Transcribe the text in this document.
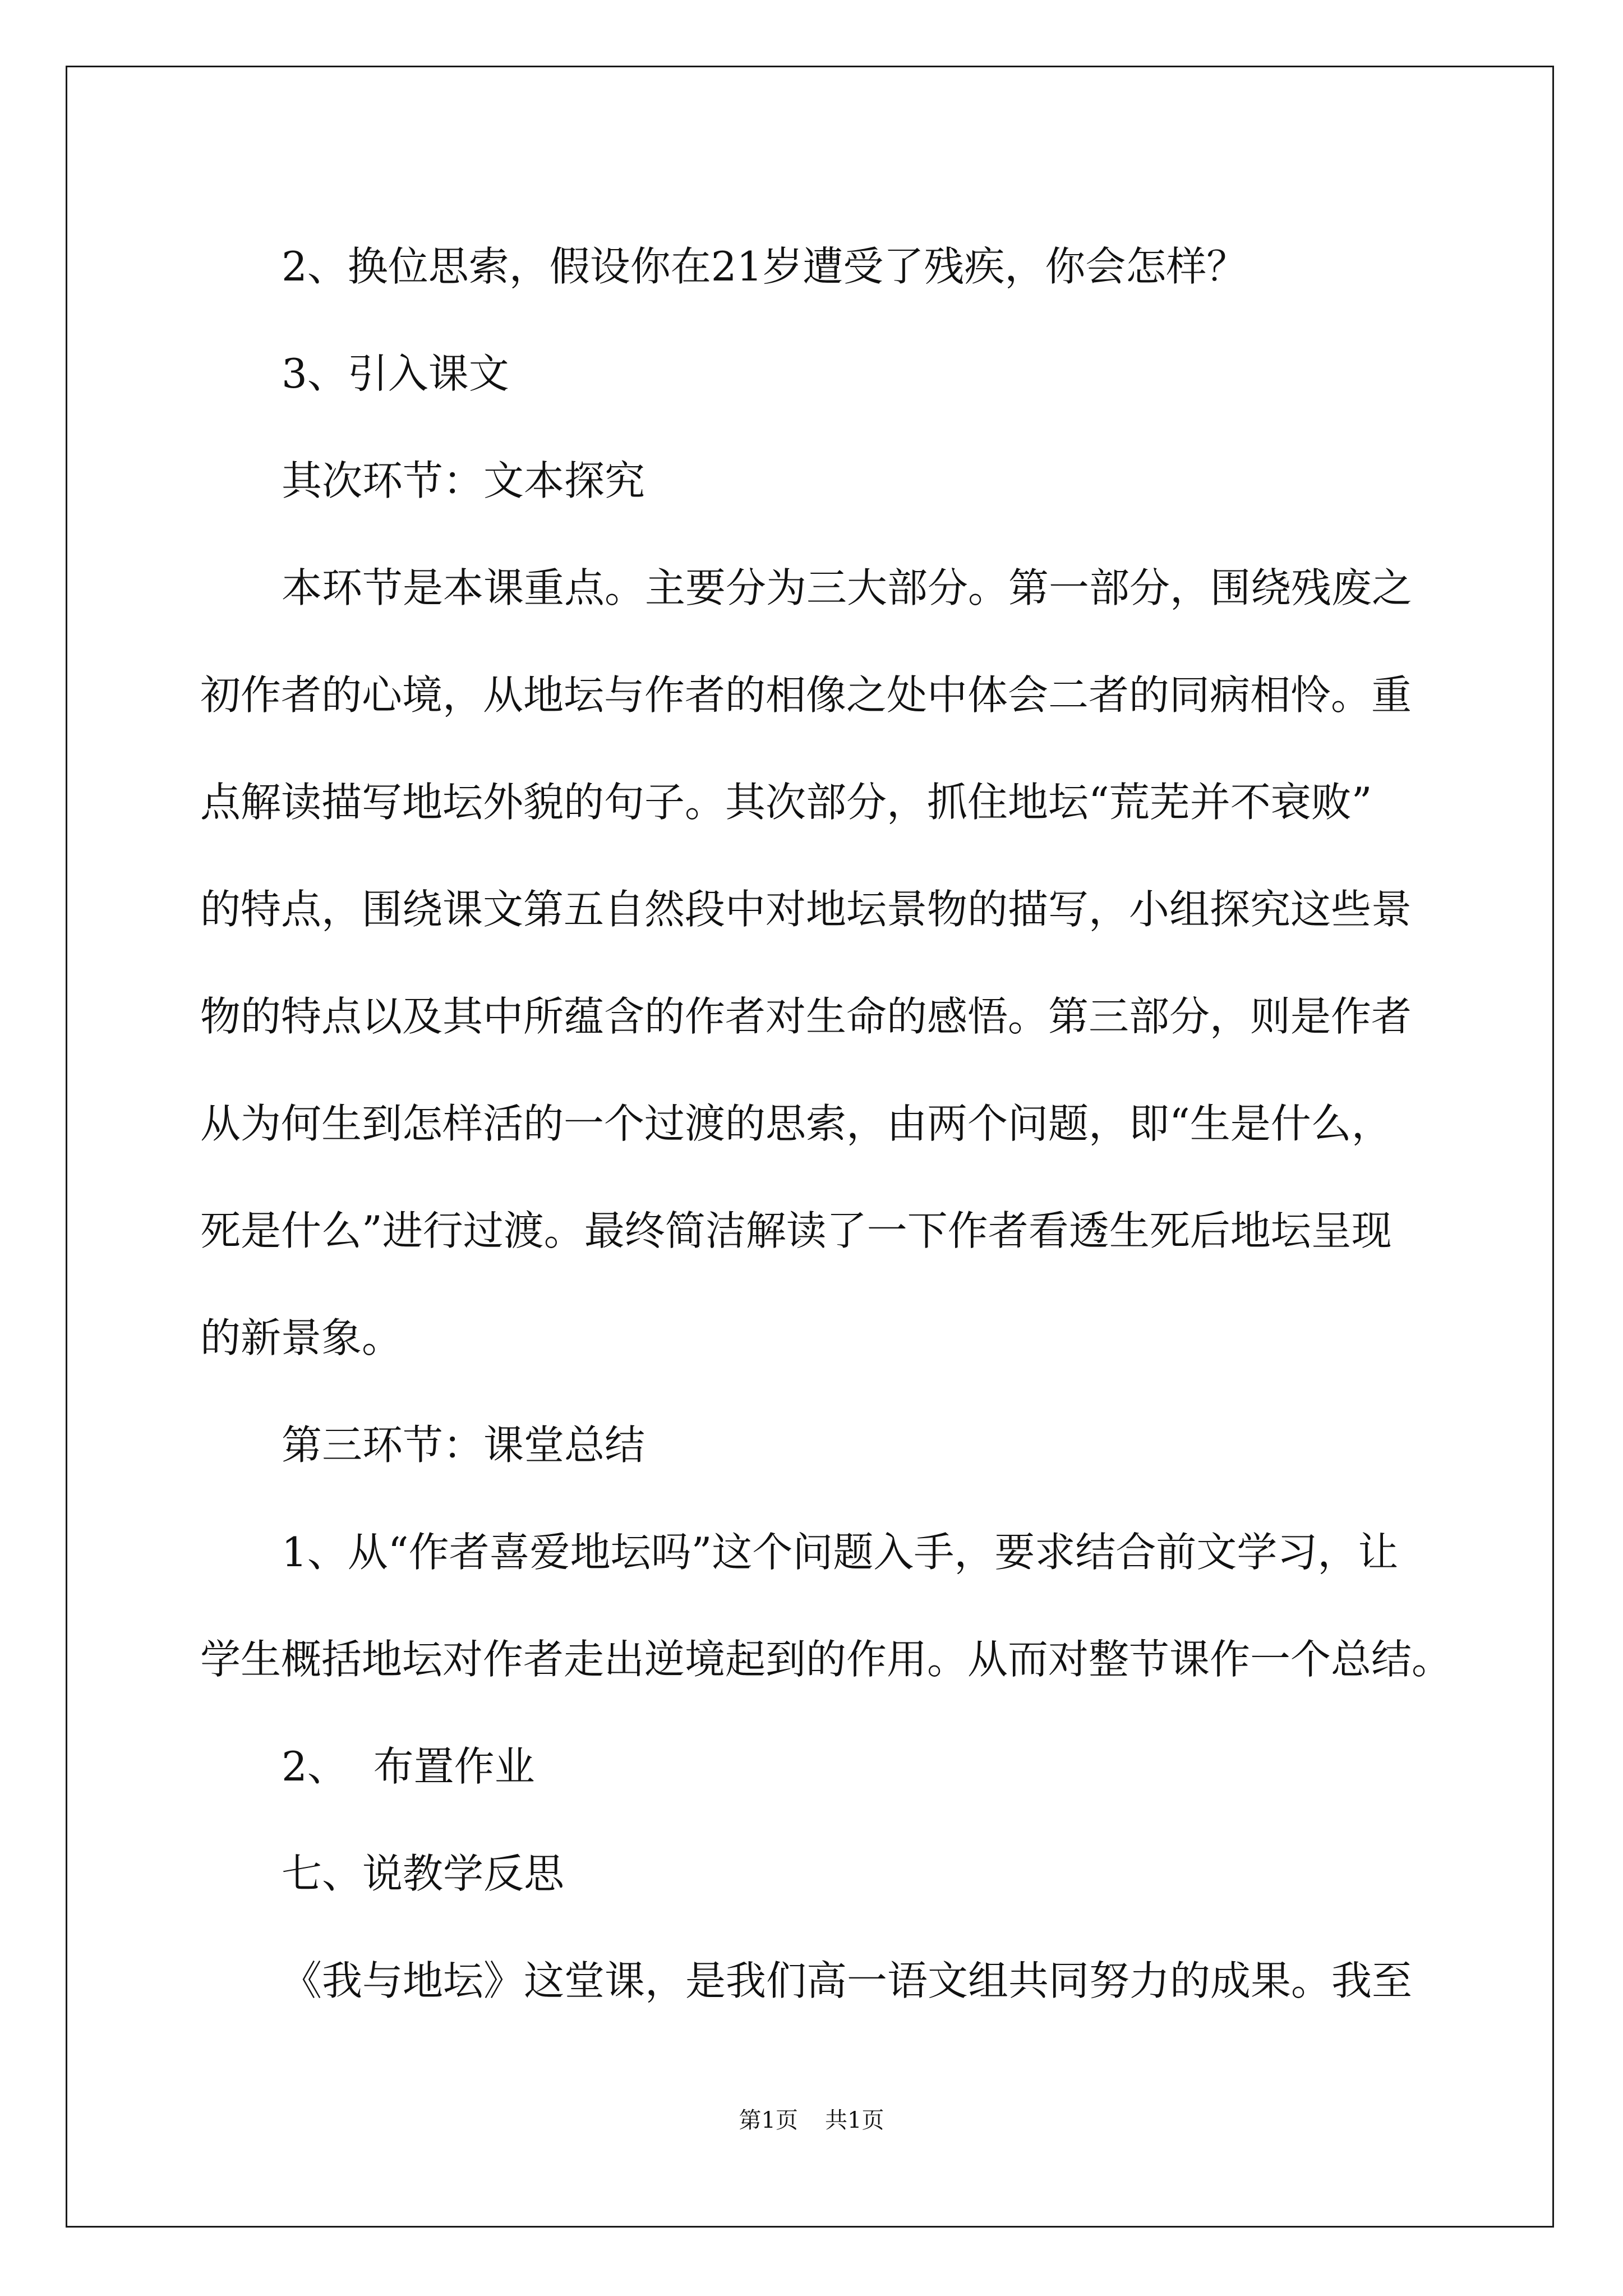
2、换位思索，假设你在21岁遭受了残疾，你会怎样？

3、引入课文

其次环节：文本探究

本环节是本课重点。主要分为三大部分。第一部分，围绕残废之

初作者的心境，从地坛与作者的相像之处中体会二者的同病相怜。重

点解读描写地坛外貌的句子。其次部分，抓住地坛“荒芜并不衰败”

的特点，围绕课文第五自然段中对地坛景物的描写，小组探究这些景

物的特点以及其中所蕴含的作者对生命的感悟。第三部分，则是作者

从为何生到怎样活的一个过渡的思索，由两个问题，即“生是什么，

死是什么”进行过渡。最终简洁解读了一下作者看透生死后地坛呈现

的新景象。

第三环节：课堂总结

1、从“作者喜爱地坛吗”这个问题入手，要求结合前文学习，让

学生概括地坛对作者走出逆境起到的作用。从而对整节课作一个总结。

2、  布置作业

七、说教学反思

《我与地坛》这堂课，是我们高一语文组共同努力的成果。我至

第1页 共1页
